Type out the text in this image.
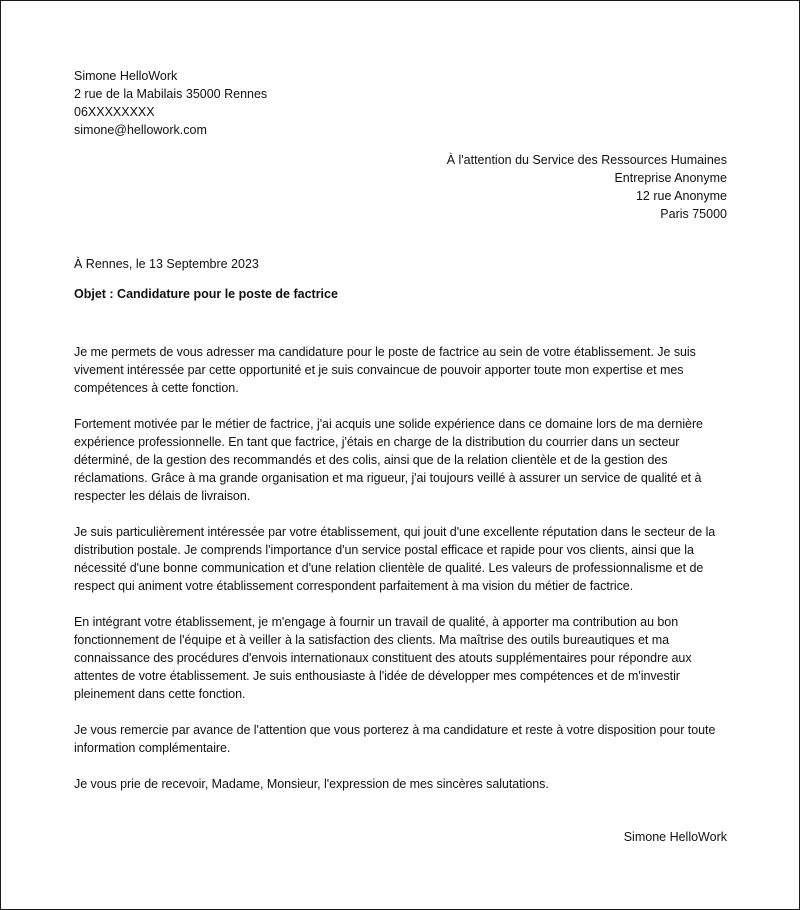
Simone HelloWork
2 rue de la Mabilais 35000 Rennes
06XXXXXXXX
simone@hellowork.com
À l'attention du Service des Ressources Humaines
Entreprise Anonyme
12 rue Anonyme
Paris 75000
À Rennes, le 13 Septembre 2023
Objet : Candidature pour le poste de factrice

Je me permets de vous adresser ma candidature pour le poste de factrice au sein de votre établissement. Je suis vivement intéressée par cette opportunité et je suis convaincue de pouvoir apporter toute mon expertise et mes compétences à cette fonction.

Fortement motivée par le métier de factrice, j'ai acquis une solide expérience dans ce domaine lors de ma dernière expérience professionnelle. En tant que factrice, j'étais en charge de la distribution du courrier dans un secteur déterminé, de la gestion des recommandés et des colis, ainsi que de la relation clientèle et de la gestion des réclamations. Grâce à ma grande organisation et ma rigueur, j'ai toujours veillé à assurer un service de qualité et à respecter les délais de livraison.

Je suis particulièrement intéressée par votre établissement, qui jouit d'une excellente réputation dans le secteur de la distribution postale. Je comprends l'importance d'un service postal efficace et rapide pour vos clients, ainsi que la nécessité d'une bonne communication et d'une relation clientèle de qualité. Les valeurs de professionnalisme et de respect qui animent votre établissement correspondent parfaitement à ma vision du métier de factrice.

En intégrant votre établissement, je m'engage à fournir un travail de qualité, à apporter ma contribution au bon fonctionnement de l'équipe et à veiller à la satisfaction des clients. Ma maîtrise des outils bureautiques et ma connaissance des procédures d'envois internationaux constituent des atouts supplémentaires pour répondre aux attentes de votre établissement. Je suis enthousiaste à l'idée de développer mes compétences et de m'investir pleinement dans cette fonction.

Je vous remercie par avance de l'attention que vous porterez à ma candidature et reste à votre disposition pour toute information complémentaire.

Je vous prie de recevoir, Madame, Monsieur, l'expression de mes sincères salutations.

Simone HelloWork
